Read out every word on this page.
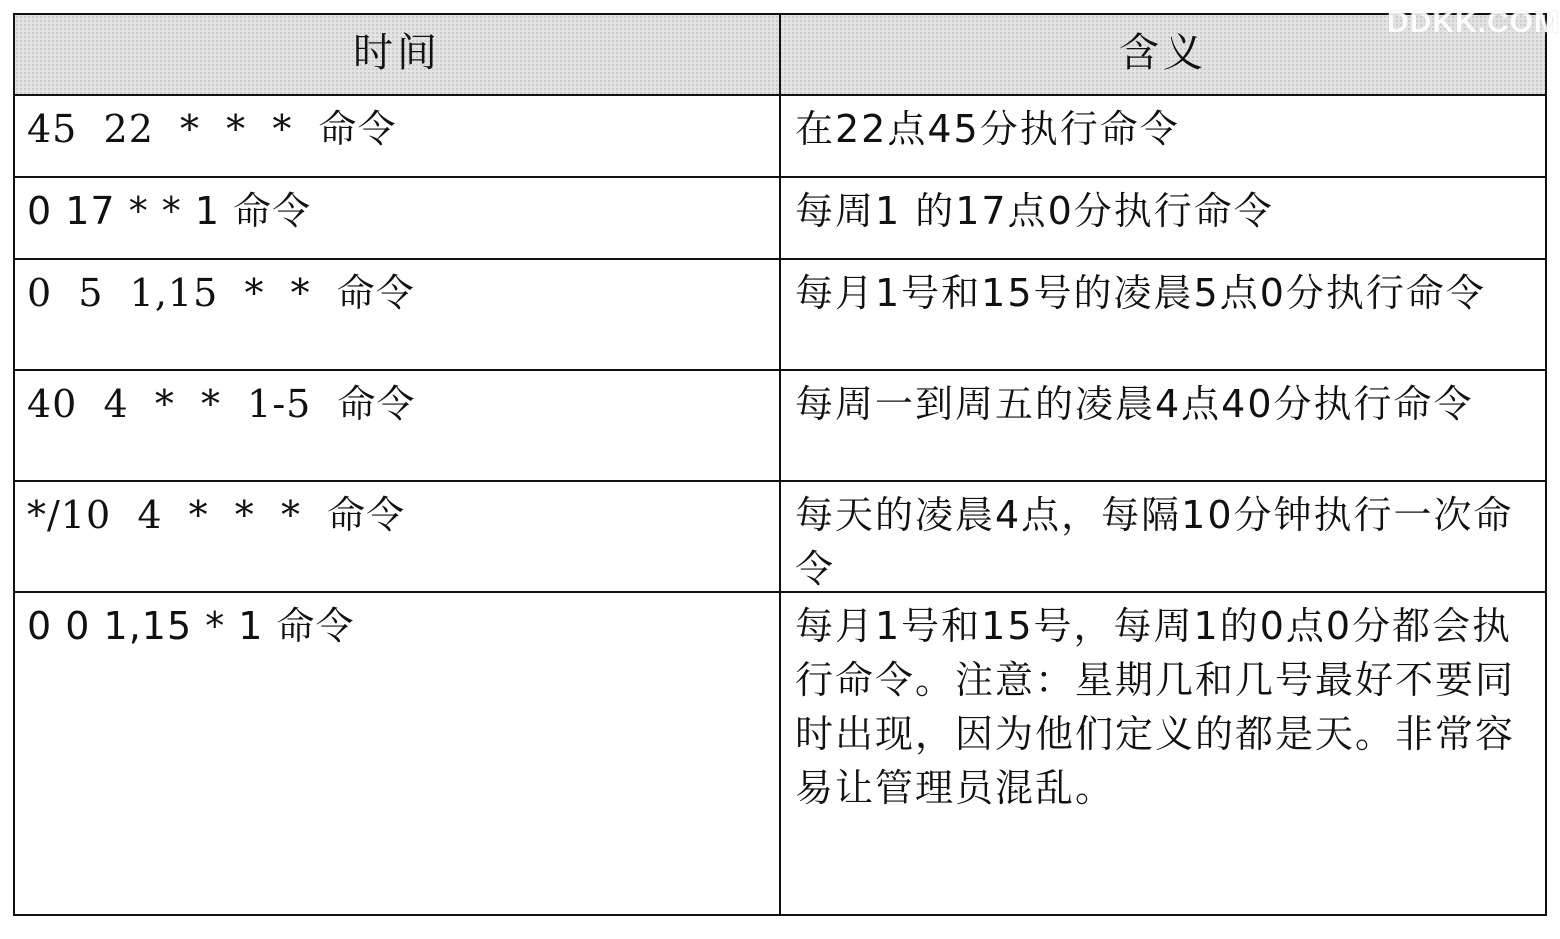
时间	含义
45  22  *  *  *  命令	在22点45分执行命令
0 17 * * 1 命令	每周1 的17点0分执行命令
0  5  1,15  *  *  命令	每月1号和15号的凌晨5点0分执行命令
40  4  *  *  1-5  命令	每周一到周五的凌晨4点40分执行命令
*/10  4  *  *  *  命令	每天的凌晨4点，每隔10分钟执行一次命令
0 0 1,15 * 1 命令	每月1号和15号，每周1的0点0分都会执行命令。注意：星期几和几号最好不要同时出现，因为他们定义的都是天。非常容易让管理员混乱。
DDKK.COM
